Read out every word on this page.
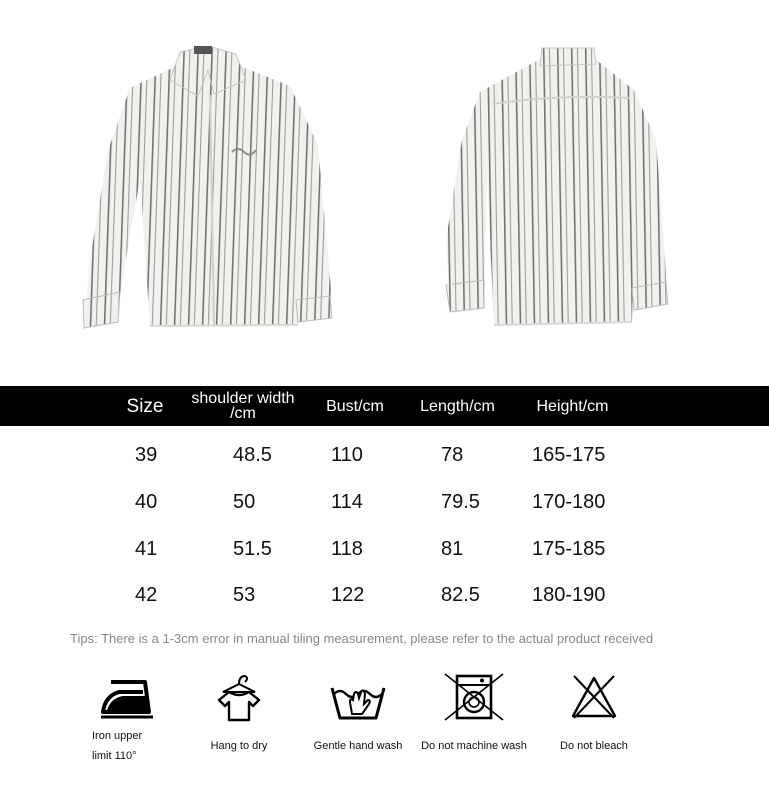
Size	shoulder width /cm	Bust/cm	Length/cm	Height/cm
39	48.5	110	78	165-175
40	50	114	79.5	170-180
41	51.5	118	81	175-185
42	53	122	82.5	180-190
Tips: There is a 1-3cm error in manual tiling measurement, please refer to the actual product received
Iron upper limit 110°
Hang to dry	Gentle hand wash	Do not machine wash	Do not bleach
